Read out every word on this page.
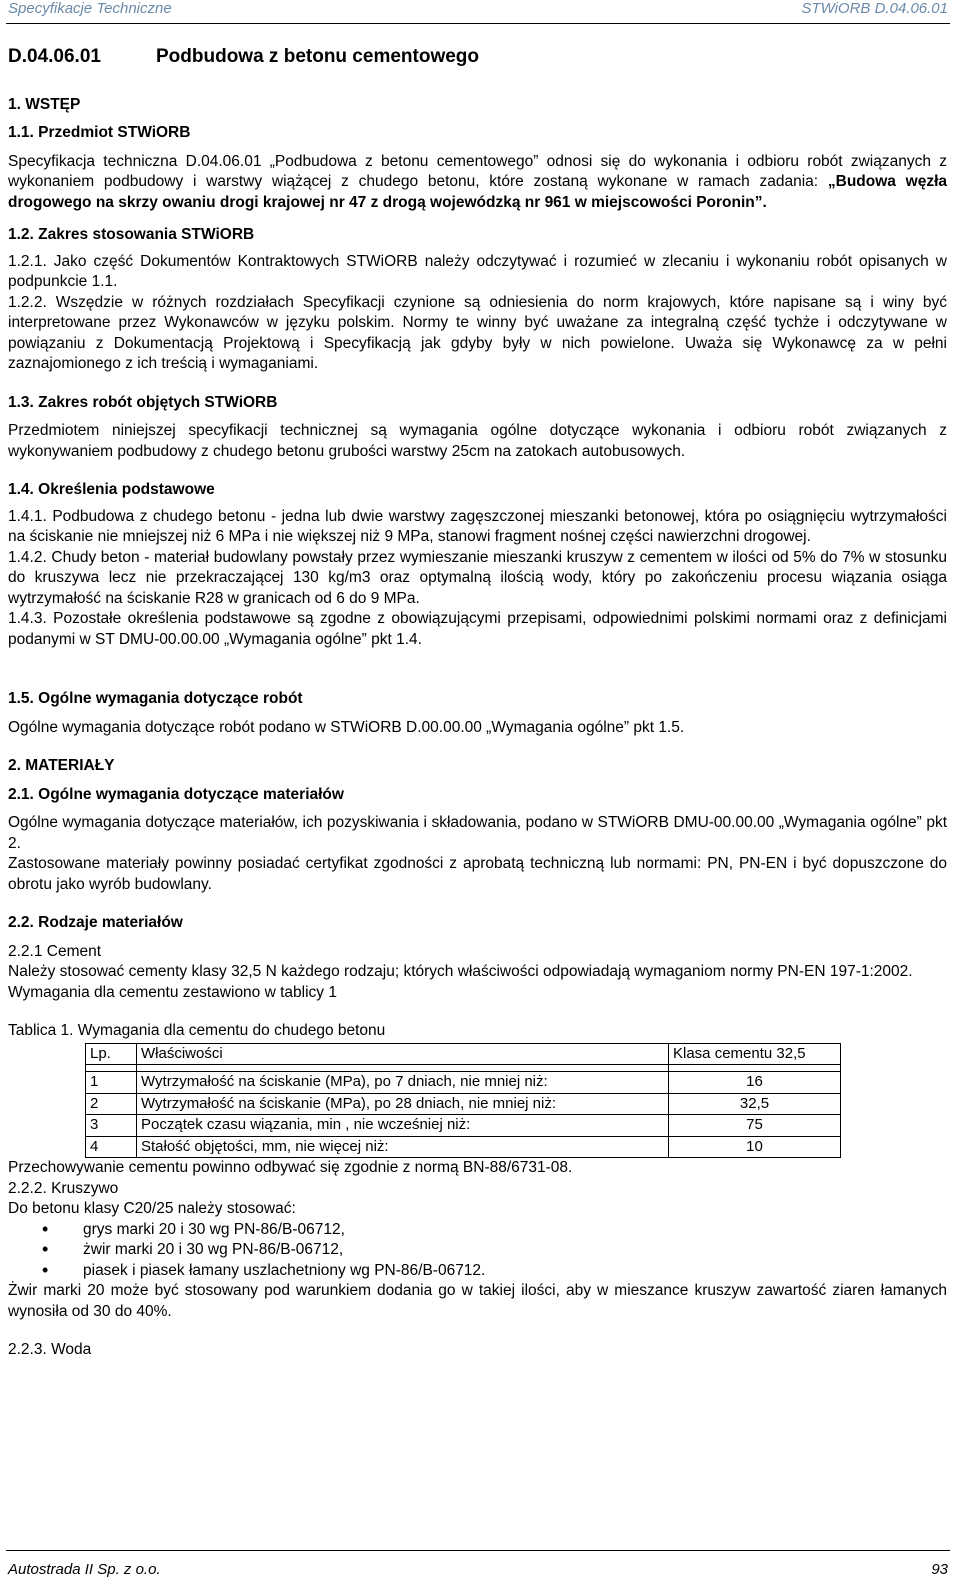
Specyfikacje Techniczne	STWiORB D.04.06.01
D.04.06.01	Podbudowa z betonu cementowego

1. WSTĘP

1.1. Przedmiot STWiORB

Specyfikacja techniczna D.04.06.01 „Podbudowa z betonu cementowego” odnosi się do wykonania i odbioru robót związanych z wykonaniem podbudowy i warstwy wiążącej z chudego betonu, które zostaną wykonane w ramach zadania: „Budowa węzła drogowego na skrzy owaniu drogi krajowej nr 47 z drogą wojewódzką nr 961 w miejscowości Poronin”.

1.2. Zakres stosowania STWiORB

1.2.1. Jako część Dokumentów Kontraktowych STWiORB należy odczytywać i rozumieć w zlecaniu i wykonaniu robót opisanych w podpunkcie 1.1.

1.2.2. Wszędzie w różnych rozdziałach Specyfikacji czynione są odniesienia do norm krajowych, które napisane są i winy być interpretowane przez Wykonawców w języku polskim. Normy te winny być uważane za integralną część tychże i odczytywane w powiązaniu z Dokumentacją Projektową i Specyfikacją jak gdyby były w nich powielone. Uważa się Wykonawcę za w pełni zaznajomionego z ich treścią i wymaganiami.

1.3. Zakres robót objętych STWiORB

Przedmiotem niniejszej specyfikacji technicznej są wymagania ogólne dotyczące wykonania i odbioru robót związanych z wykonywaniem podbudowy z chudego betonu grubości warstwy 25cm na zatokach autobusowych.

1.4. Określenia podstawowe

1.4.1. Podbudowa z chudego betonu - jedna lub dwie warstwy zagęszczonej mieszanki betonowej, która po osiągnięciu wytrzymałości na ściskanie nie mniejszej niż 6 MPa i nie większej niż 9 MPa, stanowi fragment nośnej części nawierzchni drogowej.

1.4.2. Chudy beton - materiał budowlany powstały przez wymieszanie mieszanki kruszyw z cementem w ilości od 5% do 7% w stosunku do kruszywa lecz nie przekraczającej 130 kg/m3 oraz optymalną ilością wody, który po zakończeniu procesu wiązania osiąga wytrzymałość na ściskanie R28 w granicach od 6 do 9 MPa.

1.4.3. Pozostałe określenia podstawowe są zgodne z obowiązującymi przepisami, odpowiednimi polskimi normami oraz z definicjami podanymi w ST DMU-00.00.00 „Wymagania ogólne” pkt 1.4.

1.5. Ogólne wymagania dotyczące robót

Ogólne wymagania dotyczące robót podano w STWiORB D.00.00.00 „Wymagania ogólne” pkt 1.5.

2. MATERIAŁY

2.1. Ogólne wymagania dotyczące materiałów

Ogólne wymagania dotyczące materiałów, ich pozyskiwania i składowania, podano w STWiORB DMU-00.00.00 „Wymagania ogólne” pkt 2.

Zastosowane materiały powinny posiadać certyfikat zgodności z aprobatą techniczną lub normami: PN, PN-EN i być dopuszczone do obrotu jako wyrób budowlany.

2.2. Rodzaje materiałów

2.2.1 Cement

Należy stosować cementy klasy 32,5 N każdego rodzaju; których właściwości odpowiadają wymaganiom normy PN-EN 197-1:2002.

Wymagania dla cementu zestawiono w tablicy 1

Tablica 1. Wymagania dla cementu do chudego betonu

Lp.	Właściwości	Klasa cementu 32,5

1	Wytrzymałość na ściskanie (MPa), po 7 dniach, nie mniej niż:	16
2	Wytrzymałość na ściskanie (MPa), po 28 dniach, nie mniej niż:	32,5
3	Początek czasu wiązania, min , nie wcześniej niż:	75
4	Stałość objętości, mm, nie więcej niż:	10

Przechowywanie cementu powinno odbywać się zgodnie z normą BN-88/6731-08.

2.2.2. Kruszywo

Do betonu klasy C20/25 należy stosować:

• grys marki 20 i 30 wg PN-86/B-06712,
• żwir marki 20 i 30 wg PN-86/B-06712,
• piasek i piasek łamany uszlachetniony wg PN-86/B-06712.

Żwir marki 20 może być stosowany pod warunkiem dodania go w takiej ilości, aby w mieszance kruszyw zawartość ziaren łamanych wynosiła od 30 do 40%.

2.2.3. Woda

Autostrada II Sp. z o.o.	93
